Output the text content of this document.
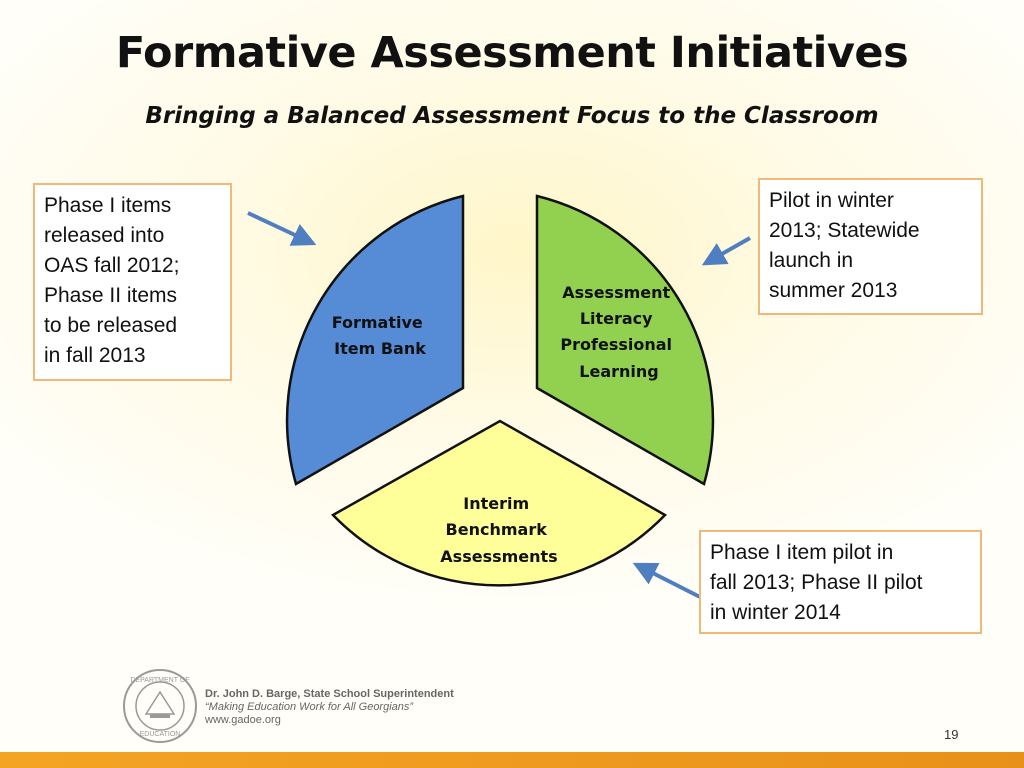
Formative Assessment Initiatives
Bringing a Balanced Assessment Focus to the Classroom
Formative Item Bank
Assessment Literacy Professional Learning
Interim Benchmark Assessments
Phase I items
released into
OAS fall 2012;
Phase II items
to be released
in fall 2013
Pilot in winter
2013; Statewide
launch in
summer 2013
Phase I item pilot in
fall 2013; Phase II pilot
in winter 2014
DEPARTMENT OF
EDUCATION
Dr. John D. Barge, State School Superintendent
“Making Education Work for All Georgians”
www.gadoe.org
19
